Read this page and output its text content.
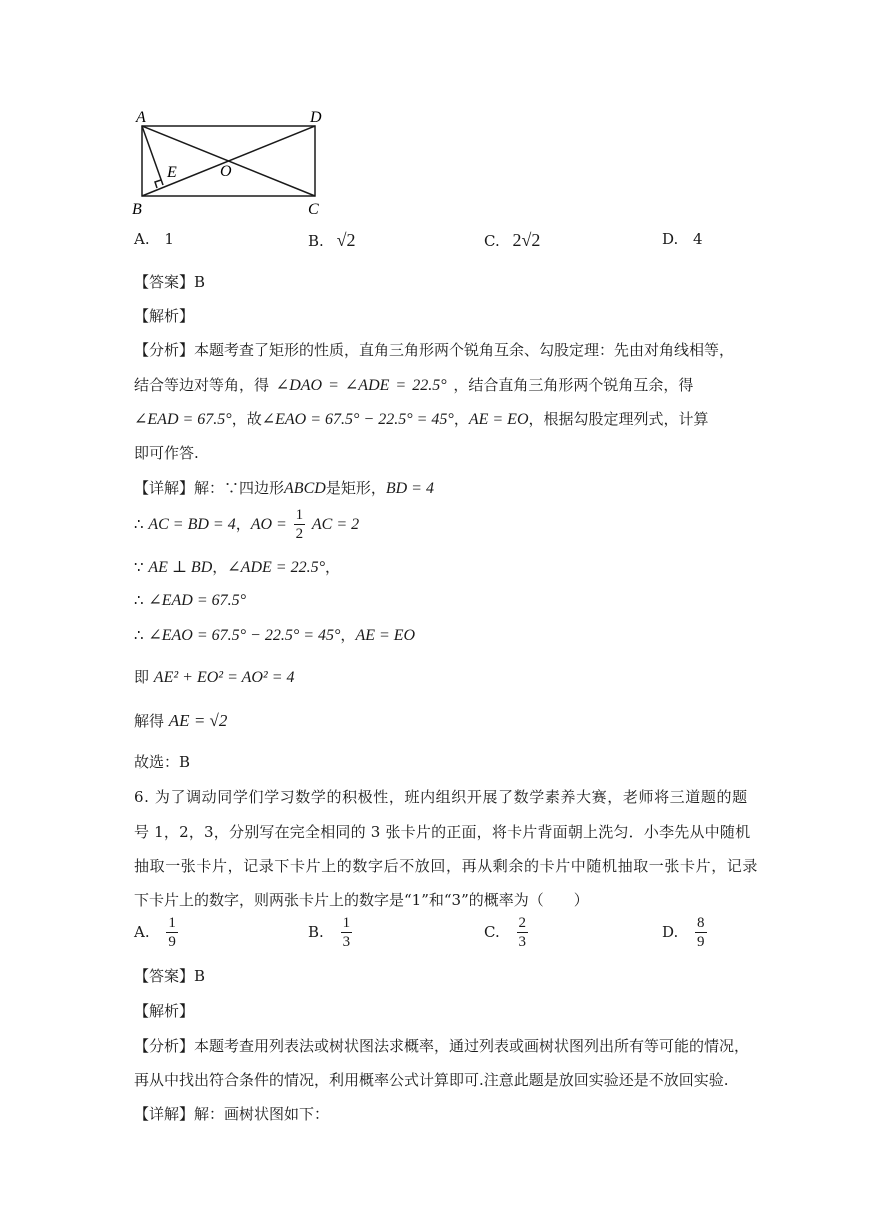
A	D
B	C
O
E
A. 1	B. √2	C. 2√2	D. 4
【答案】B
【解析】
【分析】本题考查了矩形的性质，直角三角形两个锐角互余、勾股定理：先由对角线相等，
结合等边对等角，得 ∠DAO = ∠ADE = 22.5° ，结合直角三角形两个锐角互余，得
∠EAD = 67.5°，故∠EAO = 67.5° − 22.5° = 45°，AE = EO，根据勾股定理列式，计算
即可作答.
【详解】解：∵四边形ABCD是矩形，BD = 4
∴ AC = BD = 4，AO = $\frac{1}{2}$ AC = 2
∵ AE ⊥ BD，∠ADE = 22.5°，
∴ ∠EAD = 67.5°
∴ ∠EAO = 67.5° − 22.5° = 45°，AE = EO
即 AE² + EO² = AO² = 4
解得 AE = √2
故选：B
6. 为了调动同学们学习数学的积极性，班内组织开展了数学素养大赛，老师将三道题的题
号 1，2，3，分别写在完全相同的 3 张卡片的正面，将卡片背面朝上洗匀．小李先从中随机
抽取一张卡片，记录下卡片上的数字后不放回，再从剩余的卡片中随机抽取一张卡片，记录
下卡片上的数字，则两张卡片上的数字是“1”和“3”的概率为（　　）
A. $\frac{1}{9}$	B. $\frac{1}{3}$	C. $\frac{2}{3}$	D. $\frac{8}{9}$
【答案】B
【解析】
【分析】本题考查用列表法或树状图法求概率，通过列表或画树状图列出所有等可能的情况，
再从中找出符合条件的情况，利用概率公式计算即可.注意此题是放回实验还是不放回实验.
【详解】解：画树状图如下：
